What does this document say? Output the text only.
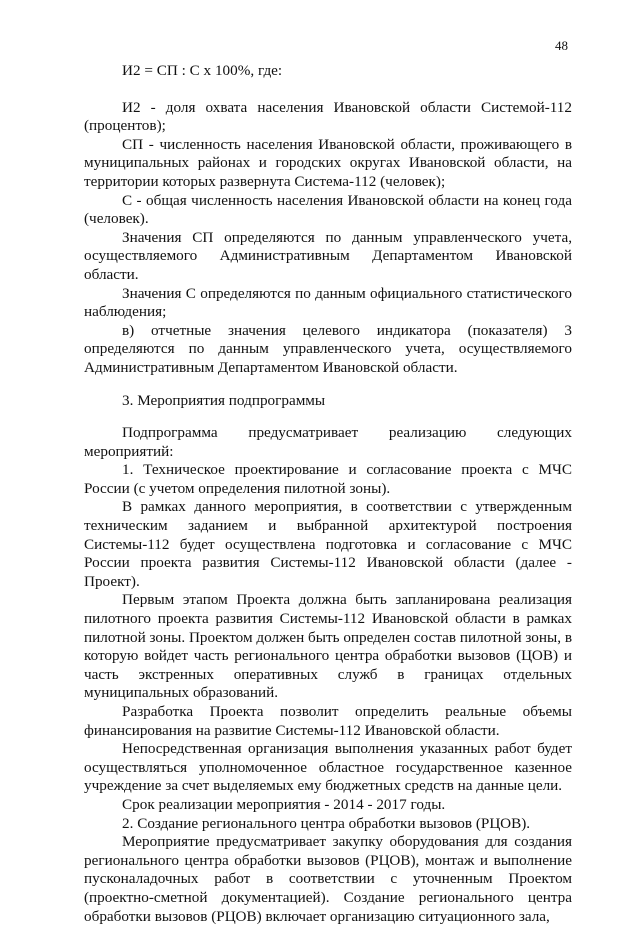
48

И2 = СП : С x 100%, где:

И2 - доля охвата населения Ивановской области Системой-112 (процентов);

СП - численность населения Ивановской области, проживающего в муниципальных районах и городских округах Ивановской области, на территории которых развернута Система-112 (человек);

С - общая численность населения Ивановской области на конец года (человек).

Значения СП определяются по данным управленческого учета, осуществляемого Административным Департаментом Ивановской области.

Значения С определяются по данным официального статистического наблюдения;

в) отчетные значения целевого индикатора (показателя) 3 определяются по данным управленческого учета, осуществляемого Административным Департаментом Ивановской области.

3. Мероприятия подпрограммы

Подпрограмма предусматривает реализацию следующих мероприятий:

1. Техническое проектирование и согласование проекта с МЧС России (с учетом определения пилотной зоны).

В рамках данного мероприятия, в соответствии с утвержденным техническим заданием и выбранной архитектурой построения Системы-112 будет осуществлена подготовка и согласование с МЧС России проекта развития Системы-112 Ивановской области (далее - Проект).

Первым этапом Проекта должна быть запланирована реализация пилотного проекта развития Системы-112 Ивановской области в рамках пилотной зоны. Проектом должен быть определен состав пилотной зоны, в которую войдет часть регионального центра обработки вызовов (ЦОВ) и часть экстренных оперативных служб в границах отдельных муниципальных образований.

Разработка Проекта позволит определить реальные объемы финансирования на развитие Системы-112 Ивановской области.

Непосредственная организация выполнения указанных работ будет осуществляться уполномоченное областное государственное казенное учреждение за счет выделяемых ему бюджетных средств на данные цели.

Срок реализации мероприятия - 2014 - 2017 годы.

2. Создание регионального центра обработки вызовов (РЦОВ).

Мероприятие предусматривает закупку оборудования для создания регионального центра обработки вызовов (РЦОВ), монтаж и выполнение пусконаладочных работ в соответствии с уточненным Проектом (проектно-сметной документацией). Создание регионального центра обработки вызовов (РЦОВ) включает организацию ситуационного зала,
